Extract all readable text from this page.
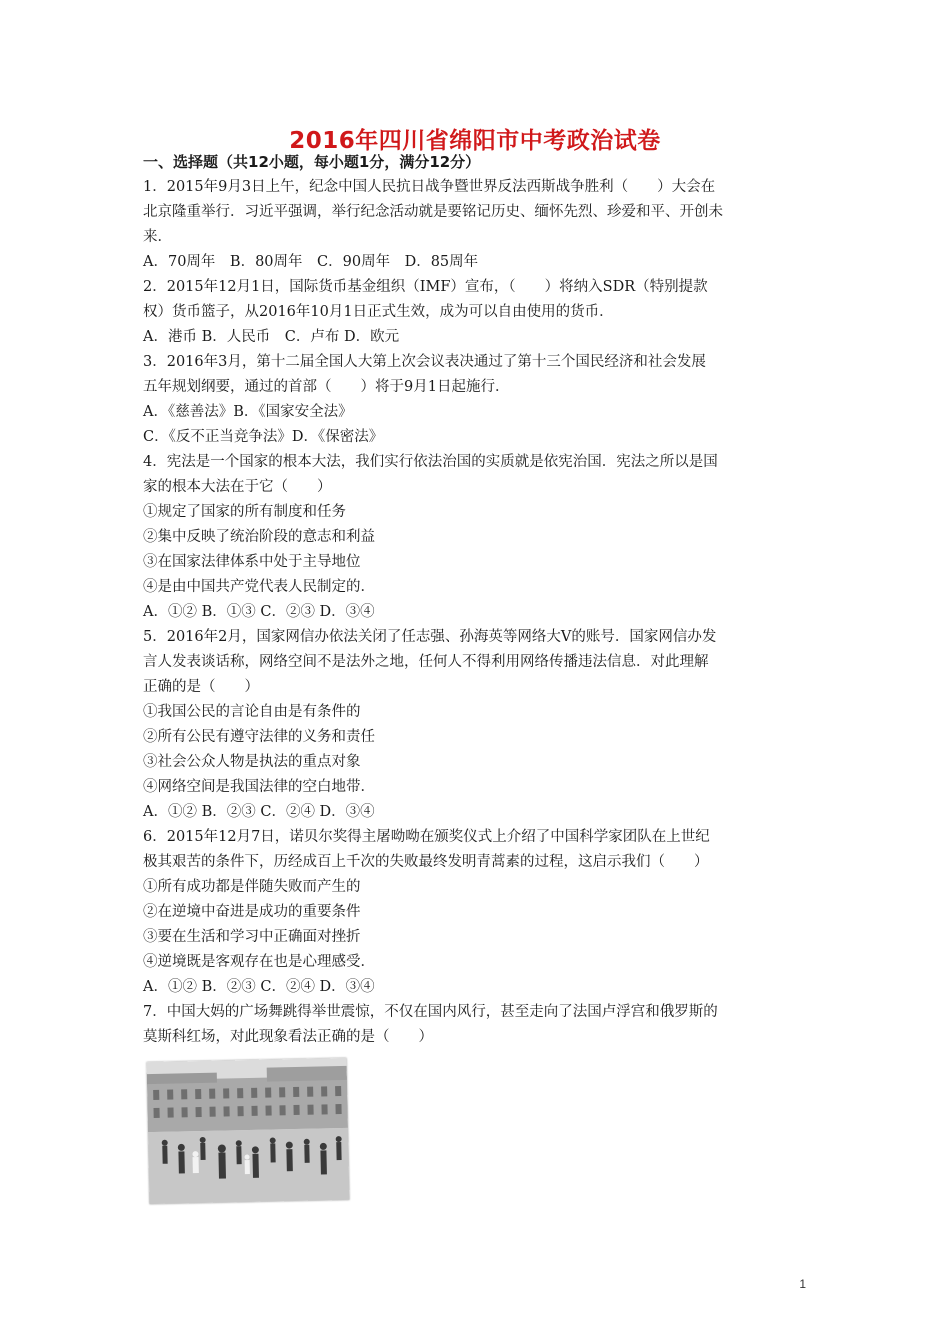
2016年四川省绵阳市中考政治试卷
一、选择题（共12小题，每小题1分，满分12分）
1．2015年9月3日上午，纪念中国人民抗日战争暨世界反法西斯战争胜利（　　）大会在
北京隆重举行．习近平强调，举行纪念活动就是要铭记历史、缅怀先烈、珍爱和平、开创未
来．
A．70周年　B．80周年　C．90周年　D．85周年
2．2015年12月1日，国际货币基金组织（IMF）宣布，（　　）将纳入SDR（特别提款
权）货币篮子，从2016年10月1日正式生效，成为可以自由使用的货币．
A．港币 B．人民币　C．卢布 D．欧元
3．2016年3月，第十二届全国人大第上次会议表决通过了第十三个国民经济和社会发展
五年规划纲要，通过的首部（　　）将于9月1日起施行．
A．《慈善法》B．《国家安全法》
C．《反不正当竞争法》D．《保密法》
4．宪法是一个国家的根本大法，我们实行依法治国的实质就是依宪治国．宪法之所以是国
家的根本大法在于它（　　）
①规定了国家的所有制度和任务
②集中反映了统治阶段的意志和利益
③在国家法律体系中处于主导地位
④是由中国共产党代表人民制定的．
A．①② B．①③ C．②③ D．③④
5．2016年2月，国家网信办依法关闭了任志强、孙海英等网络大V的账号．国家网信办发
言人发表谈话称，网络空间不是法外之地，任何人不得利用网络传播违法信息．对此理解
正确的是（　　）
①我国公民的言论自由是有条件的
②所有公民有遵守法律的义务和责任
③社会公众人物是执法的重点对象
④网络空间是我国法律的空白地带．
A．①② B．②③ C．②④ D．③④
6．2015年12月7日，诺贝尔奖得主屠呦呦在颁奖仪式上介绍了中国科学家团队在上世纪
极其艰苦的条件下，历经成百上千次的失败最终发明青蒿素的过程，这启示我们（　　）
①所有成功都是伴随失败而产生的
②在逆境中奋进是成功的重要条件
③要在生活和学习中正确面对挫折
④逆境既是客观存在也是心理感受．
A．①② B．②③ C．②④ D．③④
7．中国大妈的广场舞跳得举世震惊，不仅在国内风行，甚至走向了法国卢浮宫和俄罗斯的
莫斯科红场，对此现象看法正确的是（　　）
1
